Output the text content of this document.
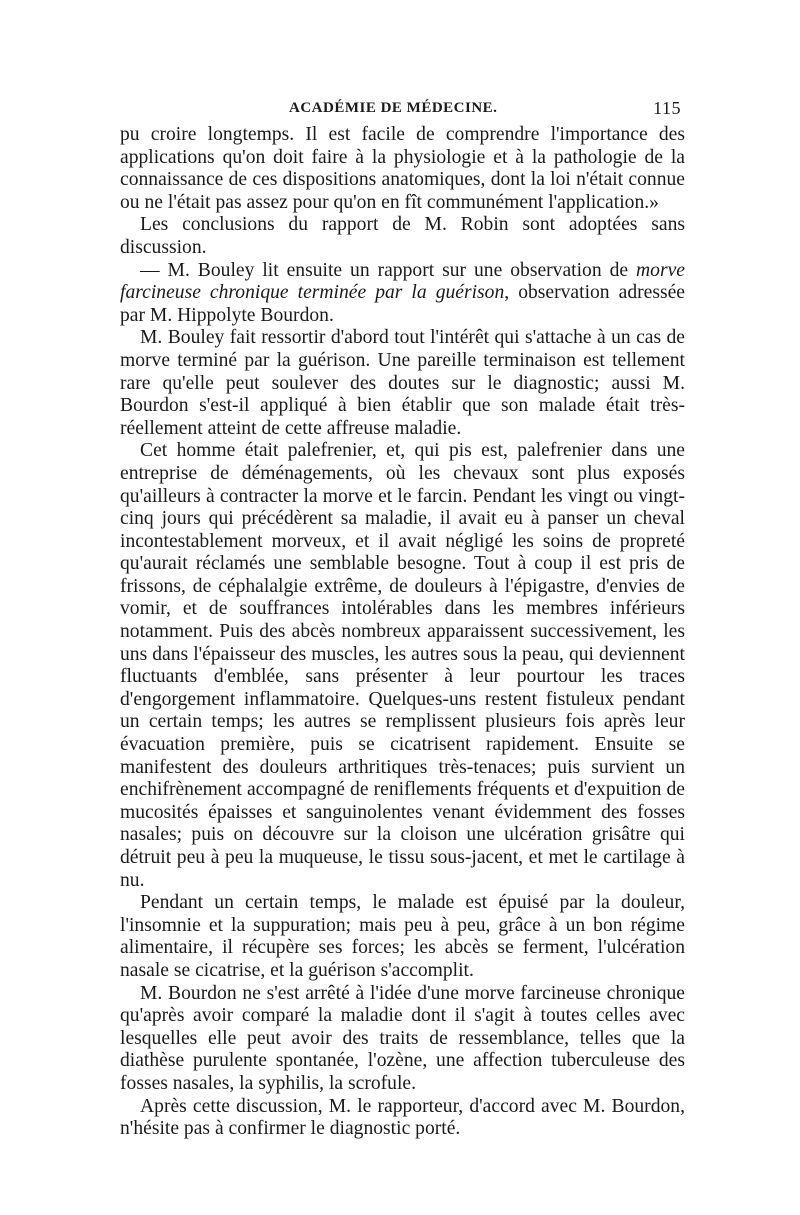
ACADÉMIE DE MÉDECINE.	115

pu croire longtemps. Il est facile de comprendre l'importance des applications qu'on doit faire à la physiologie et à la pathologie de la connaissance de ces dispositions anatomiques, dont la loi n'était connue ou ne l'était pas assez pour qu'on en fît communément l'application.»

Les conclusions du rapport de M. Robin sont adoptées sans discussion.

— M. Bouley lit ensuite un rapport sur une observation de morve farcineuse chronique terminée par la guérison, observation adressée par M. Hippolyte Bourdon.

M. Bouley fait ressortir d'abord tout l'intérêt qui s'attache à un cas de morve terminé par la guérison. Une pareille terminaison est tellement rare qu'elle peut soulever des doutes sur le diagnostic; aussi M. Bourdon s'est-il appliqué à bien établir que son malade était très-réellement atteint de cette affreuse maladie.

Cet homme était palefrenier, et, qui pis est, palefrenier dans une entreprise de déménagements, où les chevaux sont plus exposés qu'ailleurs à contracter la morve et le farcin. Pendant les vingt ou vingt-cinq jours qui précédèrent sa maladie, il avait eu à panser un cheval incontestablement morveux, et il avait négligé les soins de propreté qu'aurait réclamés une semblable besogne. Tout à coup il est pris de frissons, de céphalalgie extrême, de douleurs à l'épigastre, d'envies de vomir, et de souffrances intolérables dans les membres inférieurs notamment. Puis des abcès nombreux apparaissent successivement, les uns dans l'épaisseur des muscles, les autres sous la peau, qui deviennent fluctuants d'emblée, sans présenter à leur pourtour les traces d'engorgement inflammatoire. Quelques-uns restent fistuleux pendant un certain temps; les autres se remplissent plusieurs fois après leur évacuation première, puis se cicatrisent rapidement. Ensuite se manifestent des douleurs arthritiques très-tenaces; puis survient un enchifrènement accompagné de reniflements fréquents et d'expuition de mucosités épaisses et sanguinolentes venant évidemment des fosses nasales; puis on découvre sur la cloison une ulcération grisâtre qui détruit peu à peu la muqueuse, le tissu sous-jacent, et met le cartilage à nu.

Pendant un certain temps, le malade est épuisé par la douleur, l'insomnie et la suppuration; mais peu à peu, grâce à un bon régime alimentaire, il récupère ses forces; les abcès se ferment, l'ulcération nasale se cicatrise, et la guérison s'accomplit.

M. Bourdon ne s'est arrêté à l'idée d'une morve farcineuse chronique qu'après avoir comparé la maladie dont il s'agit à toutes celles avec lesquelles elle peut avoir des traits de ressemblance, telles que la diathèse purulente spontanée, l'ozène, une affection tuberculeuse des fosses nasales, la syphilis, la scrofule.

Après cette discussion, M. le rapporteur, d'accord avec M. Bourdon, n'hésite pas à confirmer le diagnostic porté.
